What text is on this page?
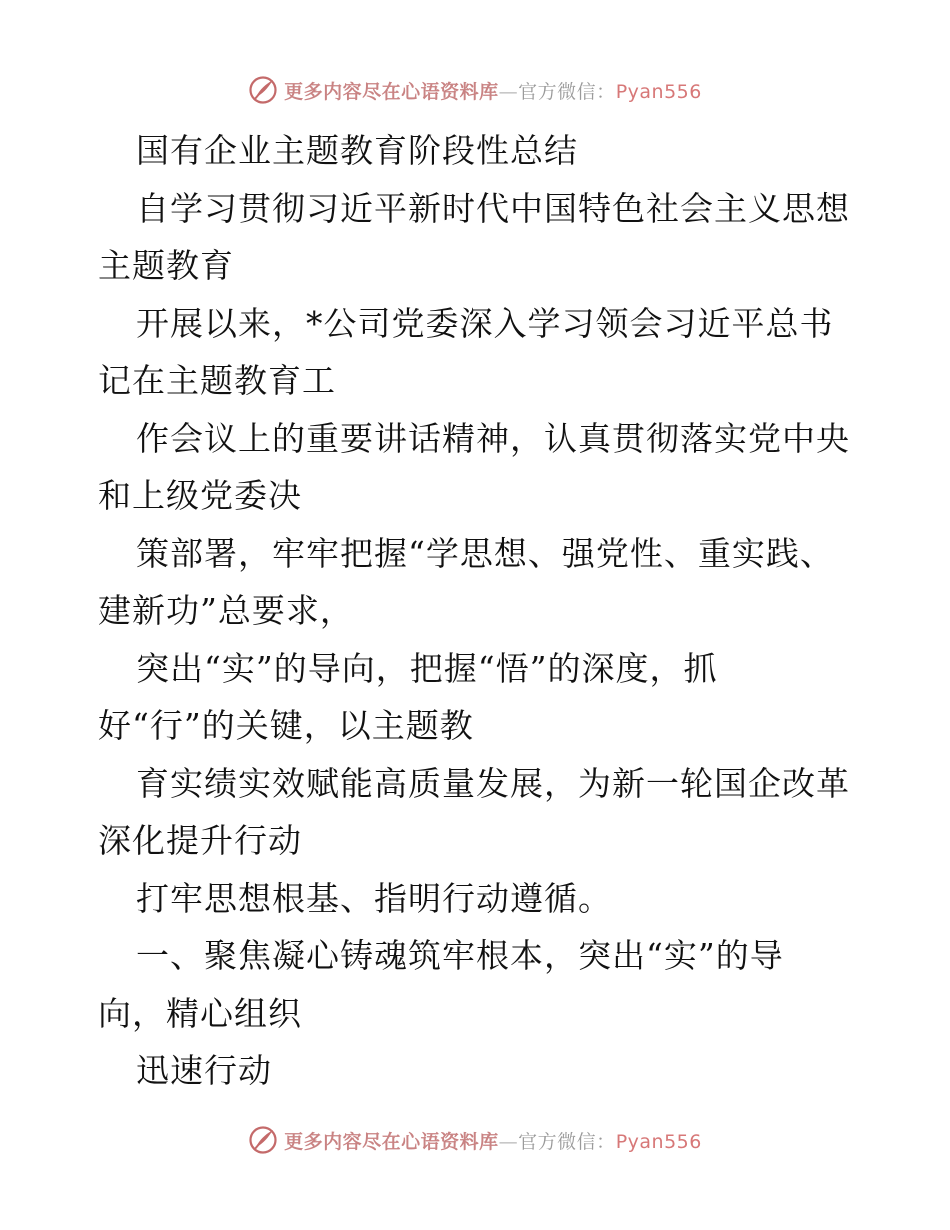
更多内容尽在心语资料库—官方微信：Pyan556
国有企业主题教育阶段性总结
自学习贯彻习近平新时代中国特色社会主义思想
主题教育
开展以来，*公司党委深入学习领会习近平总书
记在主题教育工
作会议上的重要讲话精神，认真贯彻落实党中央
和上级党委决
策部署，牢牢把握“学思想、强党性、重实践、
建新功”总要求，
突出“实”的导向，把握“悟”的深度，抓
好“行”的关键，以主题教
育实绩实效赋能高质量发展，为新一轮国企改革
深化提升行动
打牢思想根基、指明行动遵循。
一、聚焦凝心铸魂筑牢根本，突出“实”的导
向，精心组织
迅速行动
更多内容尽在心语资料库—官方微信：Pyan556
